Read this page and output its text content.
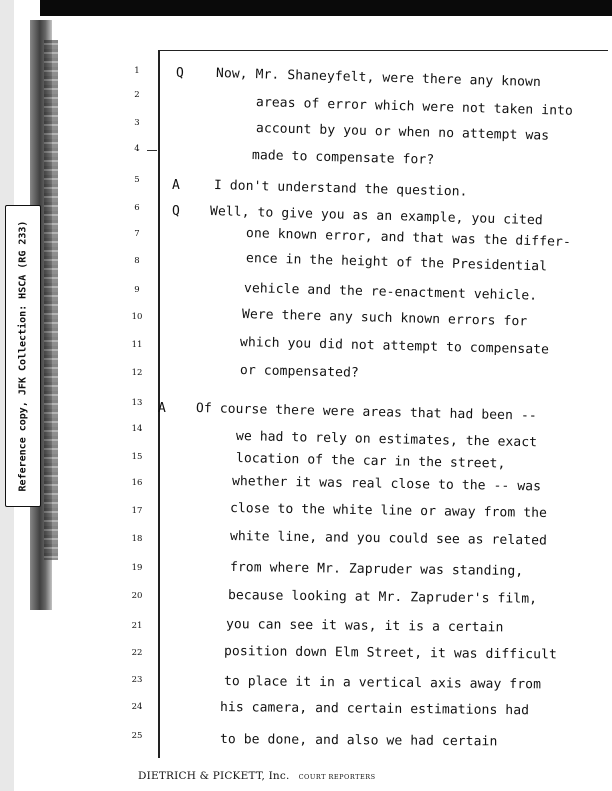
Reference copy, JFK Collection: HSCA (RG 233)
1	Q Now, Mr. Shaneyfelt, were there any known
2
areas of error which were not taken into
3	account by you or when no attempt was
4	made to compensate for?
5	A	I don't understand the question.
6	Q Well, to give you as an example, you cited
7	one known error, and that was the differ-
8	ence in the height of the Presidential
9	vehicle and the re-enactment vehicle.
10	Were there any such known errors for
11	which you did not attempt to compensate
12	or compensated?
13	A Of course there were areas that had been --
14
we had to rely on estimates, the exact
15	location of the car in the street,
16	whether it was real close to the -- was
17	close to the white line or away from the
18	white line, and you could see as related
19	from where Mr. Zapruder was standing,
20	because looking at Mr. Zapruder's film,
21	you can see it was, it is a certain
22	position down Elm Street, it was difficult
23	to place it in a vertical axis away from
24	his camera, and certain estimations had
25	to be done, and also we had certain
DIETRICH & PICKETT, Inc. COURT REPORTERS
